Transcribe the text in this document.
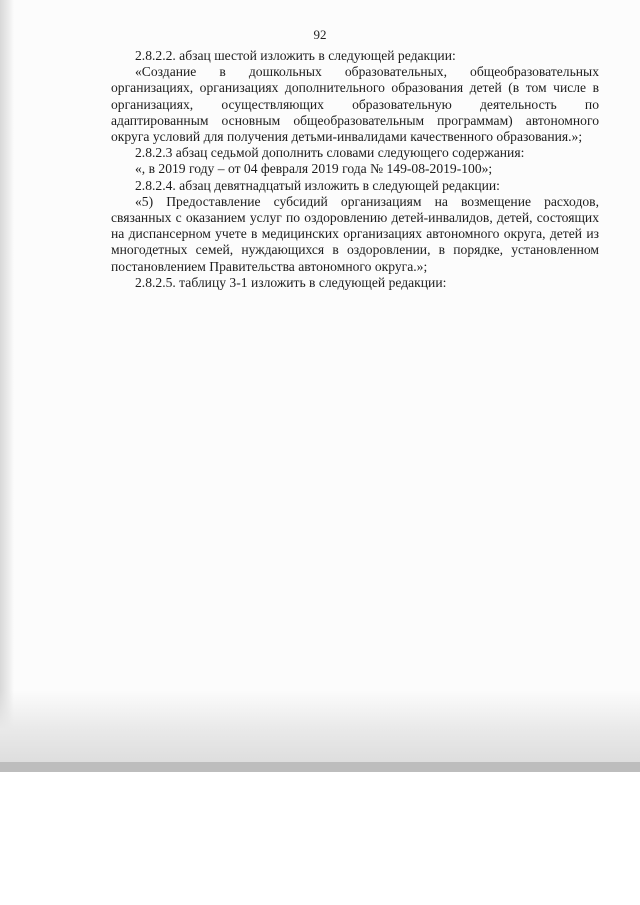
92

2.8.2.2. абзац шестой изложить в следующей редакции:

«Создание в дошкольных образовательных, общеобразовательных организациях, организациях дополнительного образования детей (в том числе в организациях, осуществляющих образовательную деятельность по адаптированным основным общеобразовательным программам) автономного округа условий для получения детьми-инвалидами качественного образования.»;

2.8.2.3 абзац седьмой дополнить словами следующего содержания:

«, в 2019 году – от 04 февраля 2019 года № 149-08-2019-100»;

2.8.2.4. абзац девятнадцатый изложить в следующей редакции:

«5) Предоставление субсидий организациям на возмещение расходов, связанных с оказанием услуг по оздоровлению детей-инвалидов, детей, состоящих на диспансерном учете в медицинских организациях автономного округа, детей из многодетных семей, нуждающихся в оздоровлении, в порядке, установленном постановлением Правительства автономного округа.»;

2.8.2.5. таблицу 3-1 изложить в следующей редакции:
